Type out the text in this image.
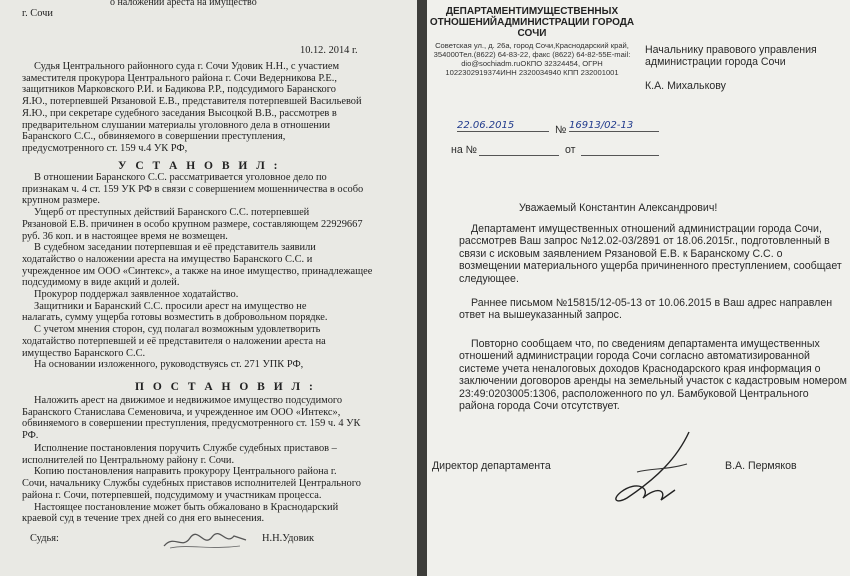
о наложении ареста на имущество
г. Сочи
10.12. 2014 г.
Судья Центрального районного суда г. Сочи Удовик Н.Н., с участием
заместителя прокурора Центрального района г. Сочи Ведерникова Р.Е.,
защитников Марковского Р.И. и Бадикова Р.Р., подсудимого Баранского
Я.Ю., потерпевшей Рязановой Е.В., представителя потерпевшей Васильевой
Я.Ю., при секретаре судебного заседания Высоцкой В.В., рассмотрев в
предварительном слушании материалы уголовного дела в отношении
Баранского С.С., обвиняемого в совершении преступления,
предусмотренного ст. 159 ч.4 УК РФ,
У С Т А Н О В И Л :
В отношении Баранского С.С. рассматривается уголовное дело по
признакам ч. 4 ст. 159 УК РФ в связи с совершением мошенничества в особо
крупном размере.
Ущерб от преступных действий Баранского С.С. потерпевшей
Рязановой Е.В. причинен в особо крупном размере, составляющем 22929667
руб. 36 коп. и в настоящее время не возмещен.
В судебном заседании потерпевшая и её представитель заявили
ходатайство о наложении ареста на имущество Баранского С.С. и
учрежденное им ООО «Синтекс», а также на иное имущество, принадлежащее
подсудимому в виде акций и долей.
Прокурор поддержал заявленное ходатайство.
Защитники и Баранский С.С. просили арест на имущество не
налагать, сумму ущерба готовы возместить в добровольном порядке.
С учетом мнения сторон, суд полагал возможным удовлетворить
ходатайство потерпевшей и её представителя о наложении ареста на
имущество Баранского С.С.
На основании изложенного, руководствуясь ст. 271 УПК РФ,
П О С Т А Н О В И Л :
Наложить арест на движимое и недвижимое имущество подсудимого
Баранского Станислава Семеновича, и учрежденное им ООО «Интекс»,
обвиняемого в совершении преступления, предусмотренного ст. 159 ч. 4 УК
РФ.
Исполнение постановления поручить Службе судебных приставов –
исполнителей по Центральному району г. Сочи.
Копию постановления направить прокурору Центрального района г.
Сочи, начальнику Службы судебных приставов исполнителей Центрального
района г. Сочи, потерпевшей, подсудимому и участникам процесса.
Настоящее постановление может быть обжаловано в Краснодарский
краевой суд в течение трех дней со дня его вынесения.
Судья:	Н.Н.Удовик
ДЕПАРТАМЕНТИМУЩЕСТВЕННЫХ ОТНОШЕНИЙАДМИНИСТРАЦИИ ГОРОДА СОЧИ
Советская ул., д. 26а, город Сочи,Краснодарский край, 354000Тел.(8622) 64-83-22, факс (8622) 64-82-55E-mail: dio@sochiadm.ruОКПО 32324454, ОГРН 1022302919374ИНН 2320034940 КПП 232001001
22.06.2015	№ 16913/02-13
на №	от
Начальнику правового управления
администрации города Сочи
К.А. Михалькову
Уважаемый Константин Александрович!
Департамент имущественных отношений администрации города Сочи,
рассмотрев Ваш запрос №12.02-03/2891 от 18.06.2015г., подготовленный в
связи с исковым заявлением Рязановой Е.В. к Баранскому С.С. о
возмещении материального ущерба причиненного преступлением, сообщает
следующее.
Раннее письмом №15815/12-05-13 от 10.06.2015 в Ваш адрес направлен
ответ на вышеуказанный запрос.
Повторно сообщаем что, по сведениям департамента имущественных
отношений администрации города Сочи согласно автоматизированной
системе учета неналоговых доходов Краснодарского края информация о
заключении договоров аренды на земельный участок с кадастровым номером
23:49:0203005:1306, расположенного по ул. Бамбуковой Центрального
района города Сочи отсутствует.
Директор департамента	В.А. Пермяков
